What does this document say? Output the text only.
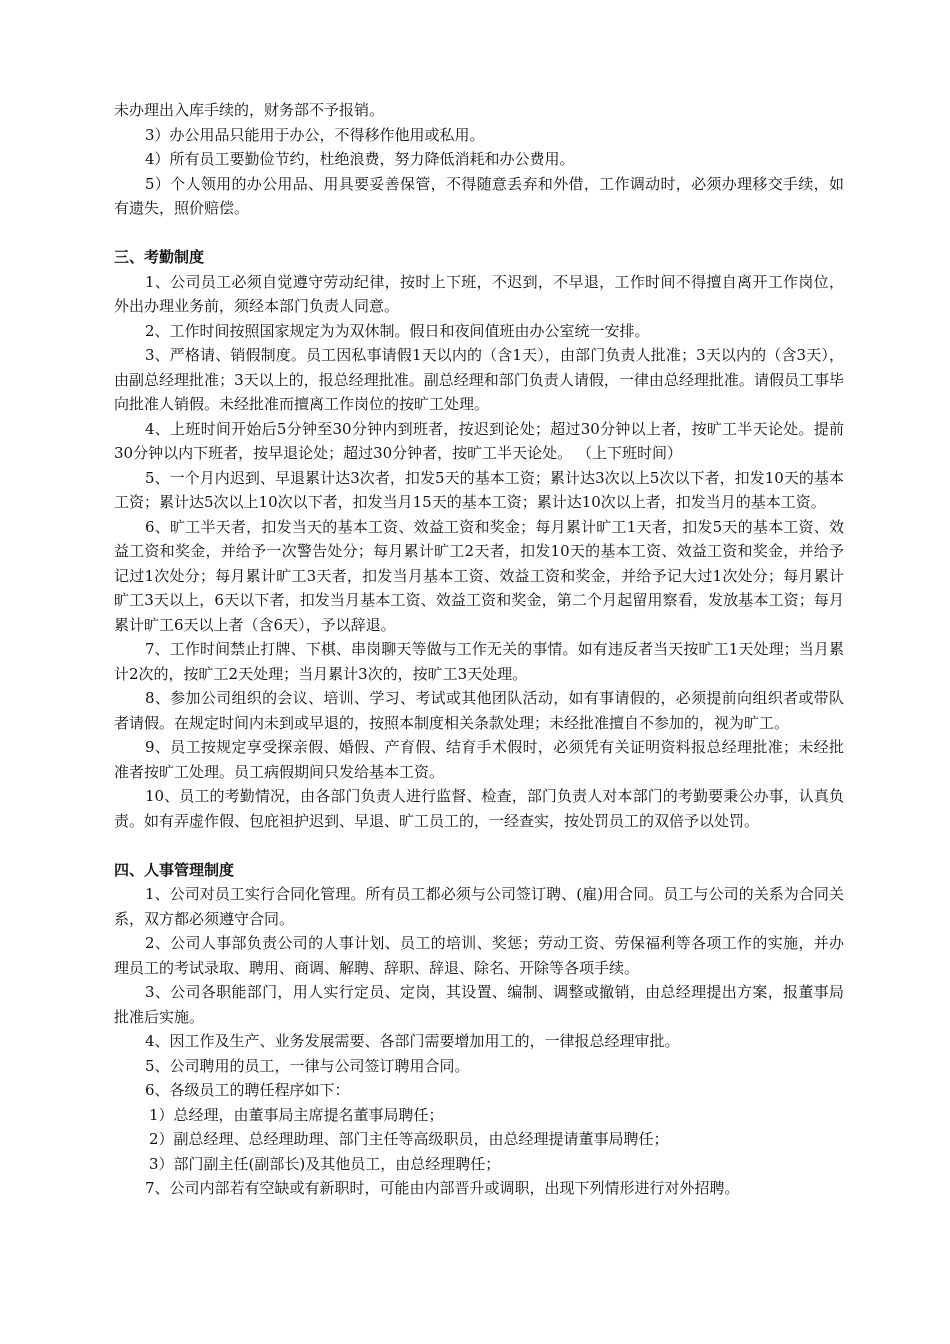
未办理出入库手续的，财务部不予报销。

3）办公用品只能用于办公，不得移作他用或私用。

4）所有员工要勤俭节约，杜绝浪费，努力降低消耗和办公费用。

5）个人领用的办公用品、用具要妥善保管，不得随意丢弃和外借，工作调动时，必须办理移交手续，如有遗失，照价赔偿。

三、考勤制度

1、公司员工必须自觉遵守劳动纪律，按时上下班，不迟到，不早退，工作时间不得擅自离开工作岗位，外出办理业务前，须经本部门负责人同意。

2、工作时间按照国家规定为为双休制。假日和夜间值班由办公室统一安排。

3、严格请、销假制度。员工因私事请假1天以内的（含1天），由部门负责人批准；3天以内的（含3天），由副总经理批准；3天以上的，报总经理批准。副总经理和部门负责人请假，一律由总经理批准。请假员工事毕向批准人销假。未经批准而擅离工作岗位的按旷工处理。

4、上班时间开始后5分钟至30分钟内到班者，按迟到论处；超过30分钟以上者，按旷工半天论处。提前30分钟以内下班者，按早退论处；超过30分钟者，按旷工半天论处。 （上下班时间）

5、一个月内迟到、早退累计达3次者，扣发5天的基本工资；累计达3次以上5次以下者，扣发10天的基本工资；累计达5次以上10次以下者，扣发当月15天的基本工资；累计达10次以上者，扣发当月的基本工资。

6、旷工半天者，扣发当天的基本工资、效益工资和奖金；每月累计旷工1天者，扣发5天的基本工资、效益工资和奖金，并给予一次警告处分；每月累计旷工2天者，扣发10天的基本工资、效益工资和奖金，并给予记过1次处分；每月累计旷工3天者，扣发当月基本工资、效益工资和奖金，并给予记大过1次处分；每月累计旷工3天以上，6天以下者，扣发当月基本工资、效益工资和奖金，第二个月起留用察看，发放基本工资；每月累计旷工6天以上者（含6天），予以辞退。

7、工作时间禁止打牌、下棋、串岗聊天等做与工作无关的事情。如有违反者当天按旷工1天处理；当月累计2次的，按旷工2天处理；当月累计3次的，按旷工3天处理。

8、参加公司组织的会议、培训、学习、考试或其他团队活动，如有事请假的，必须提前向组织者或带队者请假。在规定时间内未到或早退的，按照本制度相关条款处理；未经批准擅自不参加的，视为旷工。

9、员工按规定享受探亲假、婚假、产育假、结育手术假时，必须凭有关证明资料报总经理批准；未经批准者按旷工处理。员工病假期间只发给基本工资。

10、员工的考勤情况，由各部门负责人进行监督、检查，部门负责人对本部门的考勤要秉公办事，认真负责。如有弄虚作假、包庇袒护迟到、早退、旷工员工的，一经查实，按处罚员工的双倍予以处罚。

四、人事管理制度

1、公司对员工实行合同化管理。所有员工都必须与公司签订聘、(雇)用合同。员工与公司的关系为合同关系，双方都必须遵守合同。

2、公司人事部负责公司的人事计划、员工的培训、奖惩；劳动工资、劳保福利等各项工作的实施，并办理员工的考试录取、聘用、商调、解聘、辞职、辞退、除名、开除等各项手续。

3、公司各职能部门，用人实行定员、定岗，其设置、编制、调整或撤销，由总经理提出方案，报董事局批准后实施。

4、因工作及生产、业务发展需要、各部门需要增加用工的，一律报总经理审批。

5、公司聘用的员工，一律与公司签订聘用合同。

6、各级员工的聘任程序如下：

1）总经理，由董事局主席提名董事局聘任；

2）副总经理、总经理助理、部门主任等高级职员，由总经理提请董事局聘任；

3）部门副主任(副部长)及其他员工，由总经理聘任；

7、公司内部若有空缺或有新职时，可能由内部晋升或调职，出现下列情形进行对外招聘。
